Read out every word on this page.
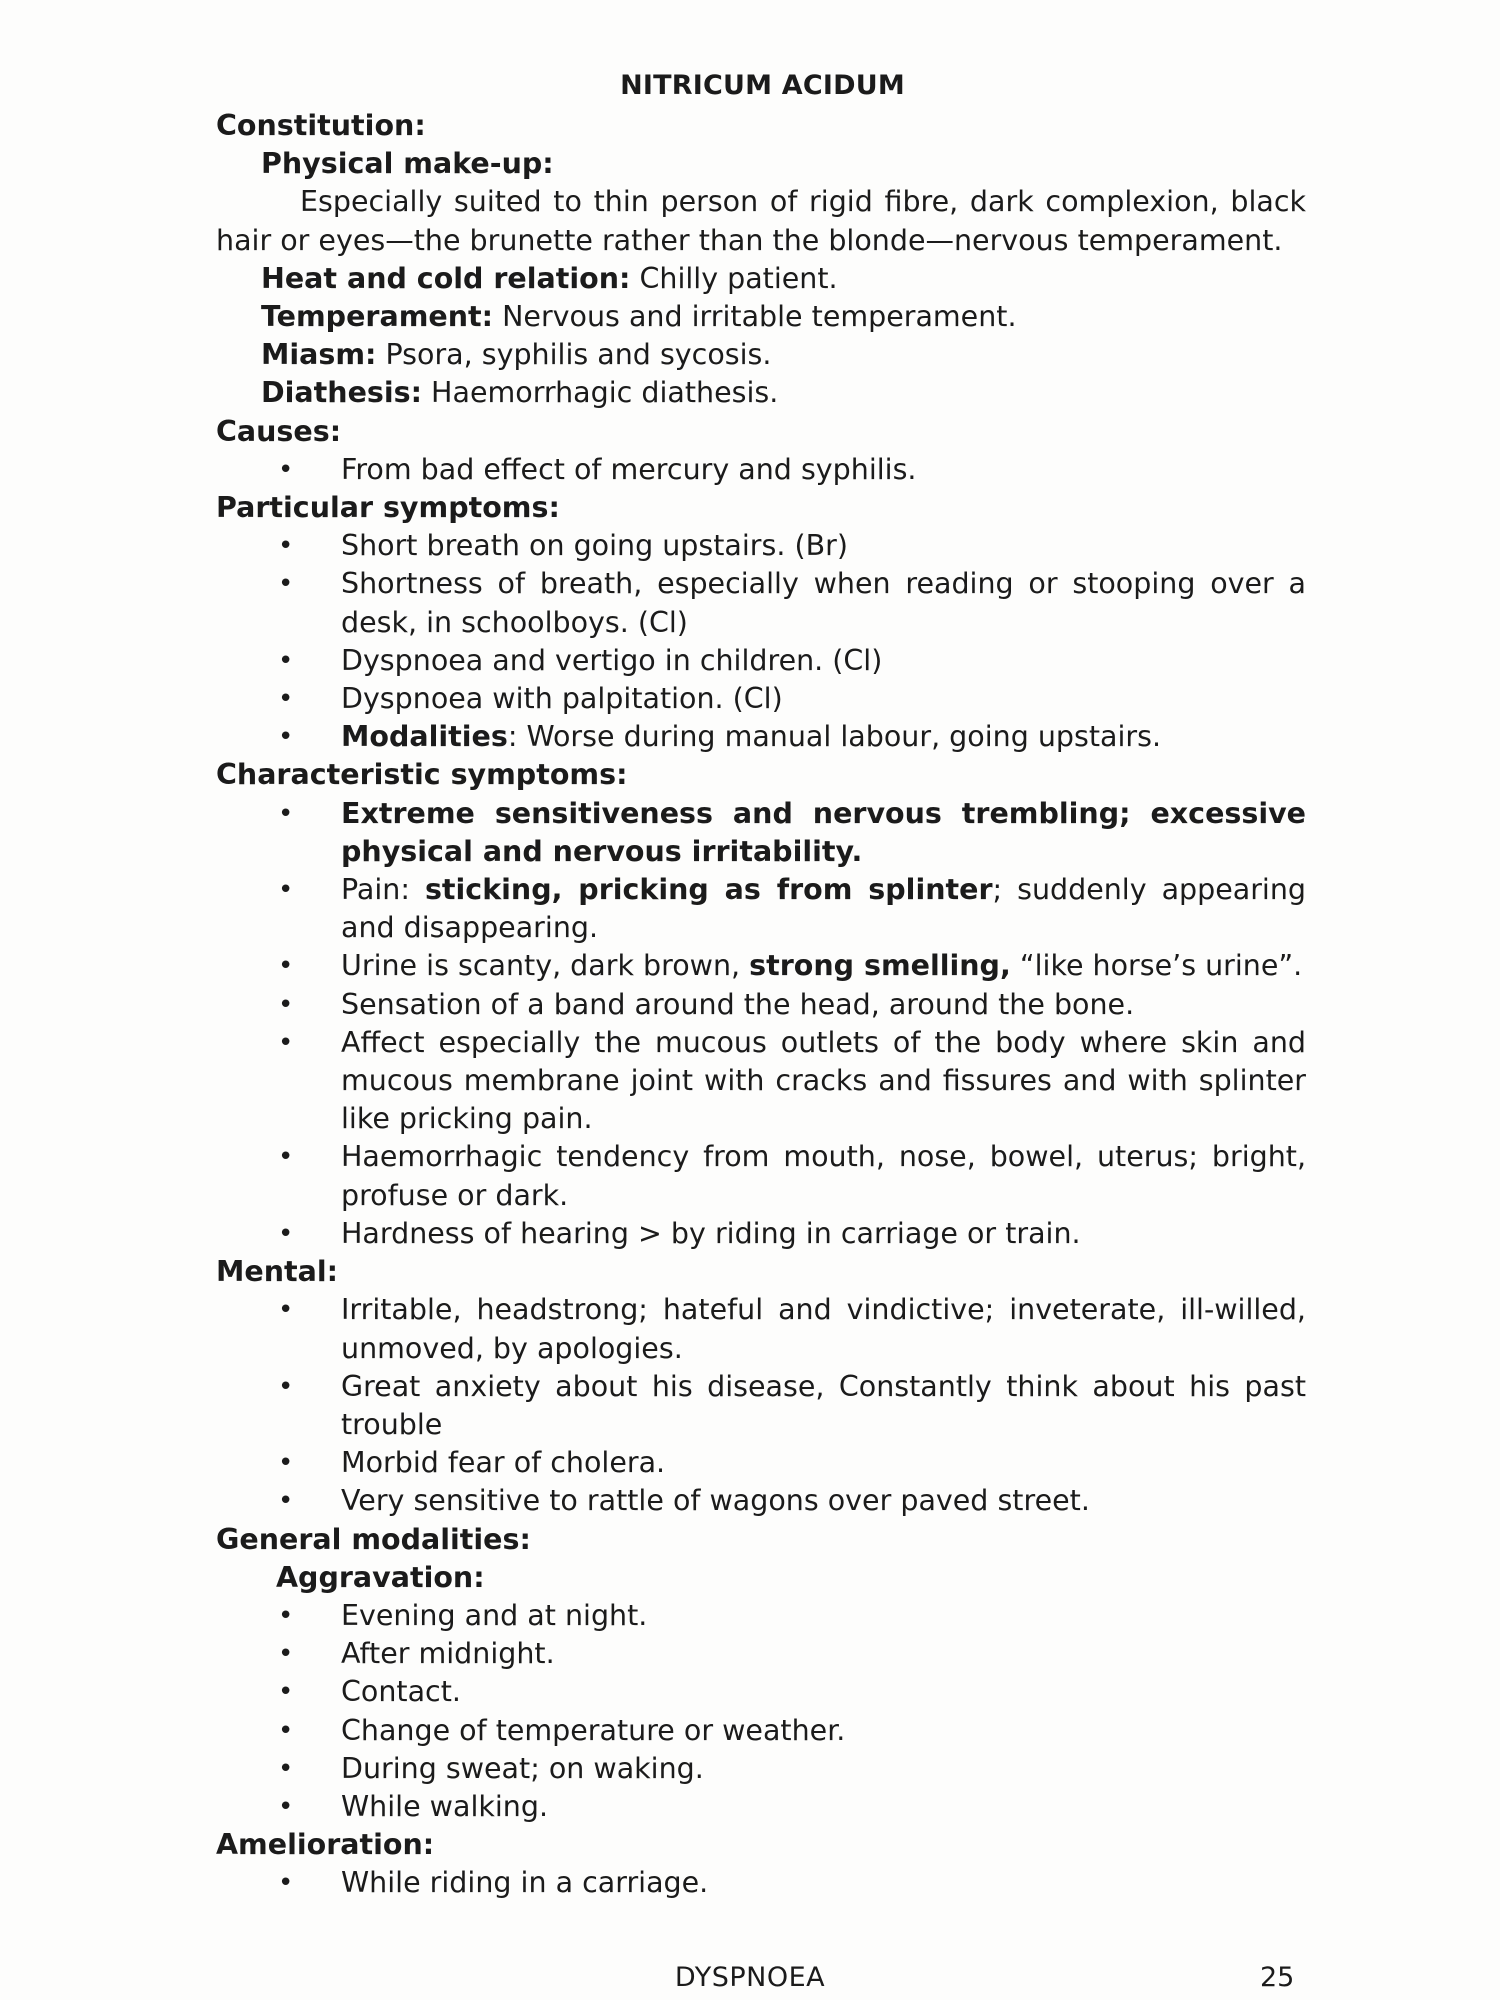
NITRICUM ACIDUM

Constitution:

Physical make-up:

Especially suited to thin person of rigid fibre, dark complexion, black hair or eyes—the brunette rather than the blonde—nervous temperament.

Heat and cold relation: Chilly patient.

Temperament: Nervous and irritable temperament.

Miasm: Psora, syphilis and sycosis.

Diathesis: Haemorrhagic diathesis.

Causes:

• From bad effect of mercury and syphilis.

Particular symptoms:

• Short breath on going upstairs. (Br)
• Shortness of breath, especially when reading or stooping over a desk, in schoolboys. (Cl)
• Dyspnoea and vertigo in children. (Cl)
• Dyspnoea with palpitation. (Cl)
• Modalities: Worse during manual labour, going upstairs.

Characteristic symptoms:

• Extreme sensitiveness and nervous trembling; excessive physical and nervous irritability.
• Pain: sticking, pricking as from splinter; suddenly appearing and disappearing.
• Urine is scanty, dark brown, strong smelling, “like horse’s urine”.
• Sensation of a band around the head, around the bone.
• Affect especially the mucous outlets of the body where skin and mucous membrane joint with cracks and fissures and with splinter like pricking pain.
• Haemorrhagic tendency from mouth, nose, bowel, uterus; bright, profuse or dark.
• Hardness of hearing > by riding in carriage or train.

Mental:

• Irritable, headstrong; hateful and vindictive; inveterate, ill-willed, unmoved, by apologies.
• Great anxiety about his disease, Constantly think about his past trouble
• Morbid fear of cholera.
• Very sensitive to rattle of wagons over paved street.

General modalities:

Aggravation:

• Evening and at night.
• After midnight.
• Contact.
• Change of temperature or weather.
• During sweat; on waking.
• While walking.

Amelioration:

• While riding in a carriage.
DYSPNOEA	25
